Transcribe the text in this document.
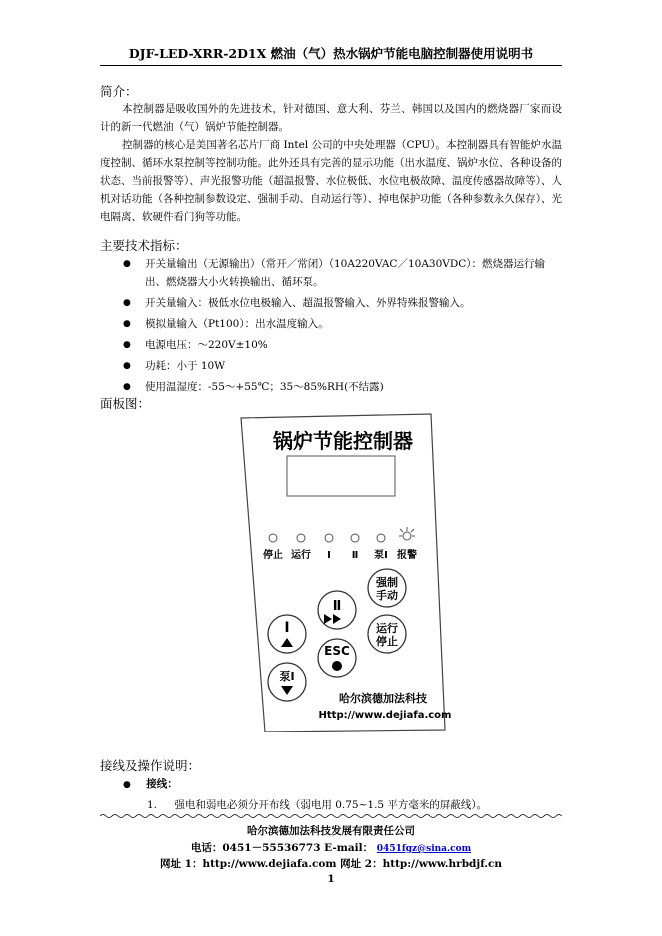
DJF-LED-XRR-2D1X 燃油（气）热水锅炉节能电脑控制器使用说明书
简介：

本控制器是吸收国外的先进技术，针对德国、意大利、芬兰、韩国以及国内的燃烧器厂家而设计的新一代燃油（气）锅炉节能控制器。

控制器的核心是美国著名芯片厂商 Intel 公司的中央处理器（CPU）。本控制器具有智能炉水温度控制、循环水泵控制等控制功能。此外还具有完善的显示功能（出水温度、锅炉水位、各种设备的状态、当前报警等）、声光报警功能（超温报警、水位极低、水位电极故障、温度传感器故障等）、人机对话功能（各种控制参数设定、强制手动、自动运行等）、掉电保护功能（各种参数永久保存）、光电隔离、软硬件看门狗等功能。

主要技术指标：
● 开关量输出（无源输出）（常开／常闭）（10A220VAC／10A30VDC）：燃烧器运行输出、燃烧器大小火转换输出、循环泵。
● 开关量输入：极低水位电极输入、超温报警输入、外界特殊报警输入。
● 模拟量输入（Pt100）：出水温度输入。
● 电源电压：～220V±10%
● 功耗：小于 10W
● 使用温湿度：-55～+55℃；35～85%RH(不结露)
面板图：
锅炉节能控制器
停止 运行 Ⅰ Ⅱ 泵Ⅰ 报警
强制
手动
Ⅱ
Ⅰ	运行
停止
ESC
泵Ⅰ
哈尔滨德加法科技
Http://www.dejiafa.com
接线及操作说明：
● 接线：
1. 强电和弱电必须分开布线（弱电用 0.75~1.5 平方毫米的屏蔽线）。
哈尔滨德加法科技发展有限责任公司
电话：0451－55536773 E-mail： 0451fgz@sina.com
网址 1：http://www.dejiafa.com 网址 2：http://www.hrbdjf.cn
1
